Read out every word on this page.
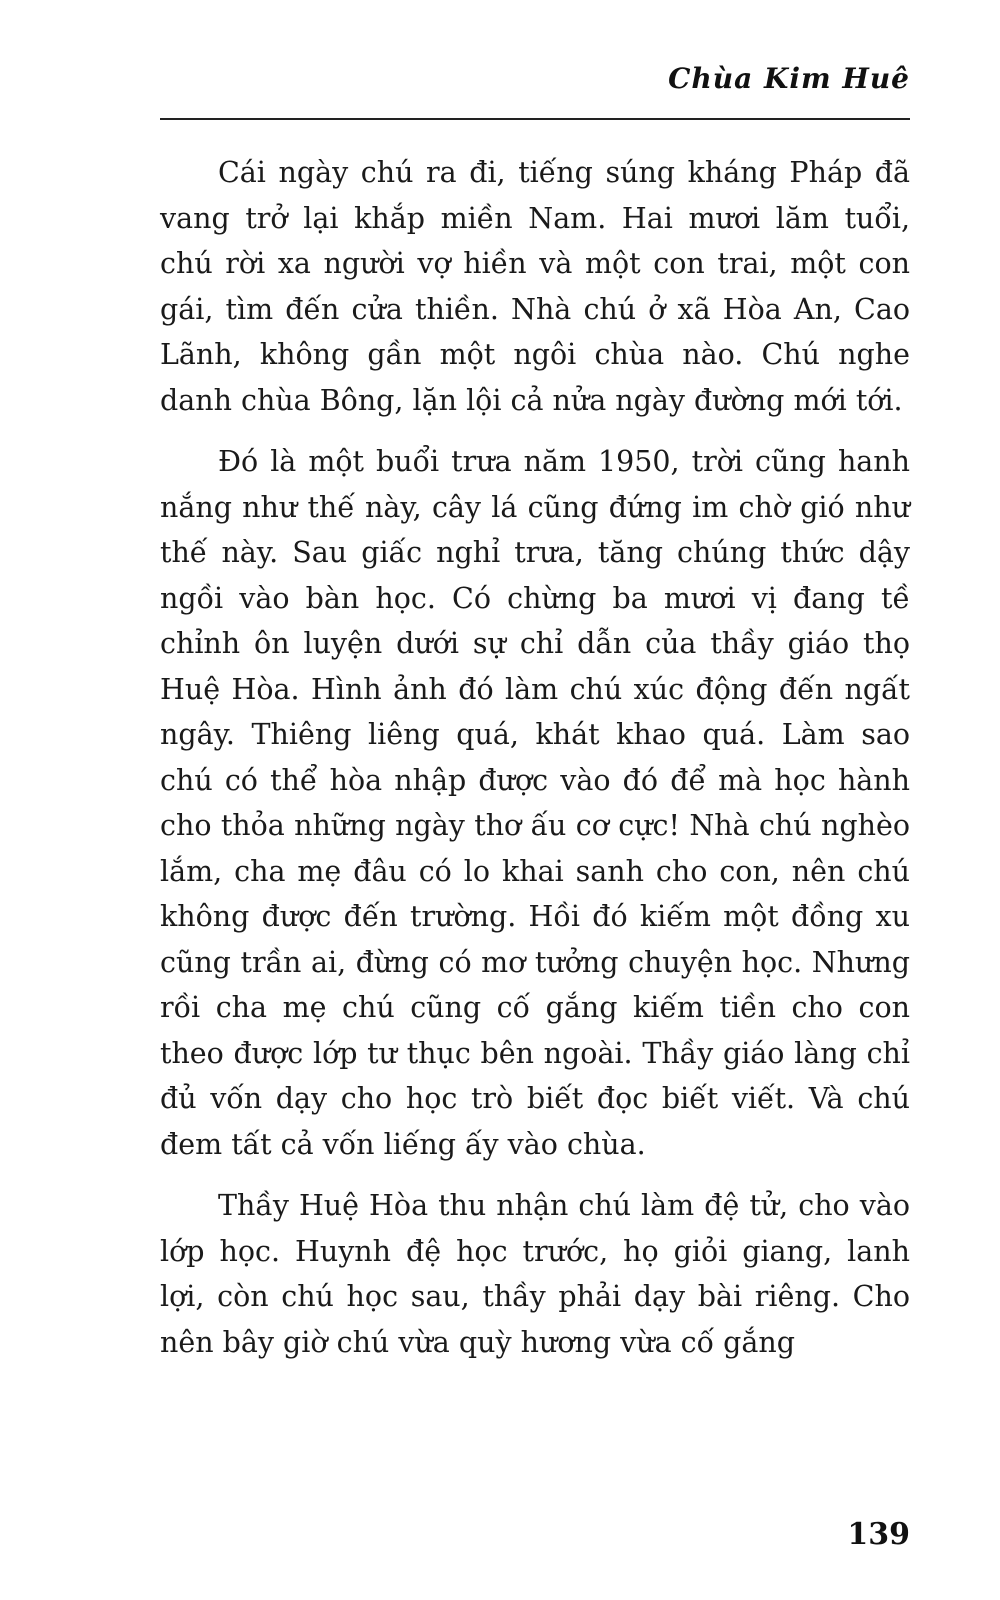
Chùa Kim Huê

Cái ngày chú ra đi, tiếng súng kháng Pháp đã vang trở lại khắp miền Nam. Hai mươi lăm tuổi, chú rời xa người vợ hiền và một con trai, một con gái, tìm đến cửa thiền. Nhà chú ở xã Hòa An, Cao Lãnh, không gần một ngôi chùa nào. Chú nghe danh chùa Bông, lặn lội cả nửa ngày đường mới tới.

Đó là một buổi trưa năm 1950, trời cũng hanh nắng như thế này, cây lá cũng đứng im chờ gió như thế này. Sau giấc nghỉ trưa, tăng chúng thức dậy ngồi vào bàn học. Có chừng ba mươi vị đang tề chỉnh ôn luyện dưới sự chỉ dẫn của thầy giáo thọ Huệ Hòa. Hình ảnh đó làm chú xúc động đến ngất ngây. Thiêng liêng quá, khát khao quá. Làm sao chú có thể hòa nhập được vào đó để mà học hành cho thỏa những ngày thơ ấu cơ cực! Nhà chú nghèo lắm, cha mẹ đâu có lo khai sanh cho con, nên chú không được đến trường. Hồi đó kiếm một đồng xu cũng trần ai, đừng có mơ tưởng chuyện học. Nhưng rồi cha mẹ chú cũng cố gắng kiếm tiền cho con theo được lớp tư thục bên ngoài. Thầy giáo làng chỉ đủ vốn dạy cho học trò biết đọc biết viết. Và chú đem tất cả vốn liếng ấy vào chùa.

Thầy Huệ Hòa thu nhận chú làm đệ tử, cho vào lớp học. Huynh đệ học trước, họ giỏi giang, lanh lợi, còn chú học sau, thầy phải dạy bài riêng. Cho nên bây giờ chú vừa quỳ hương vừa cố gắng

139
